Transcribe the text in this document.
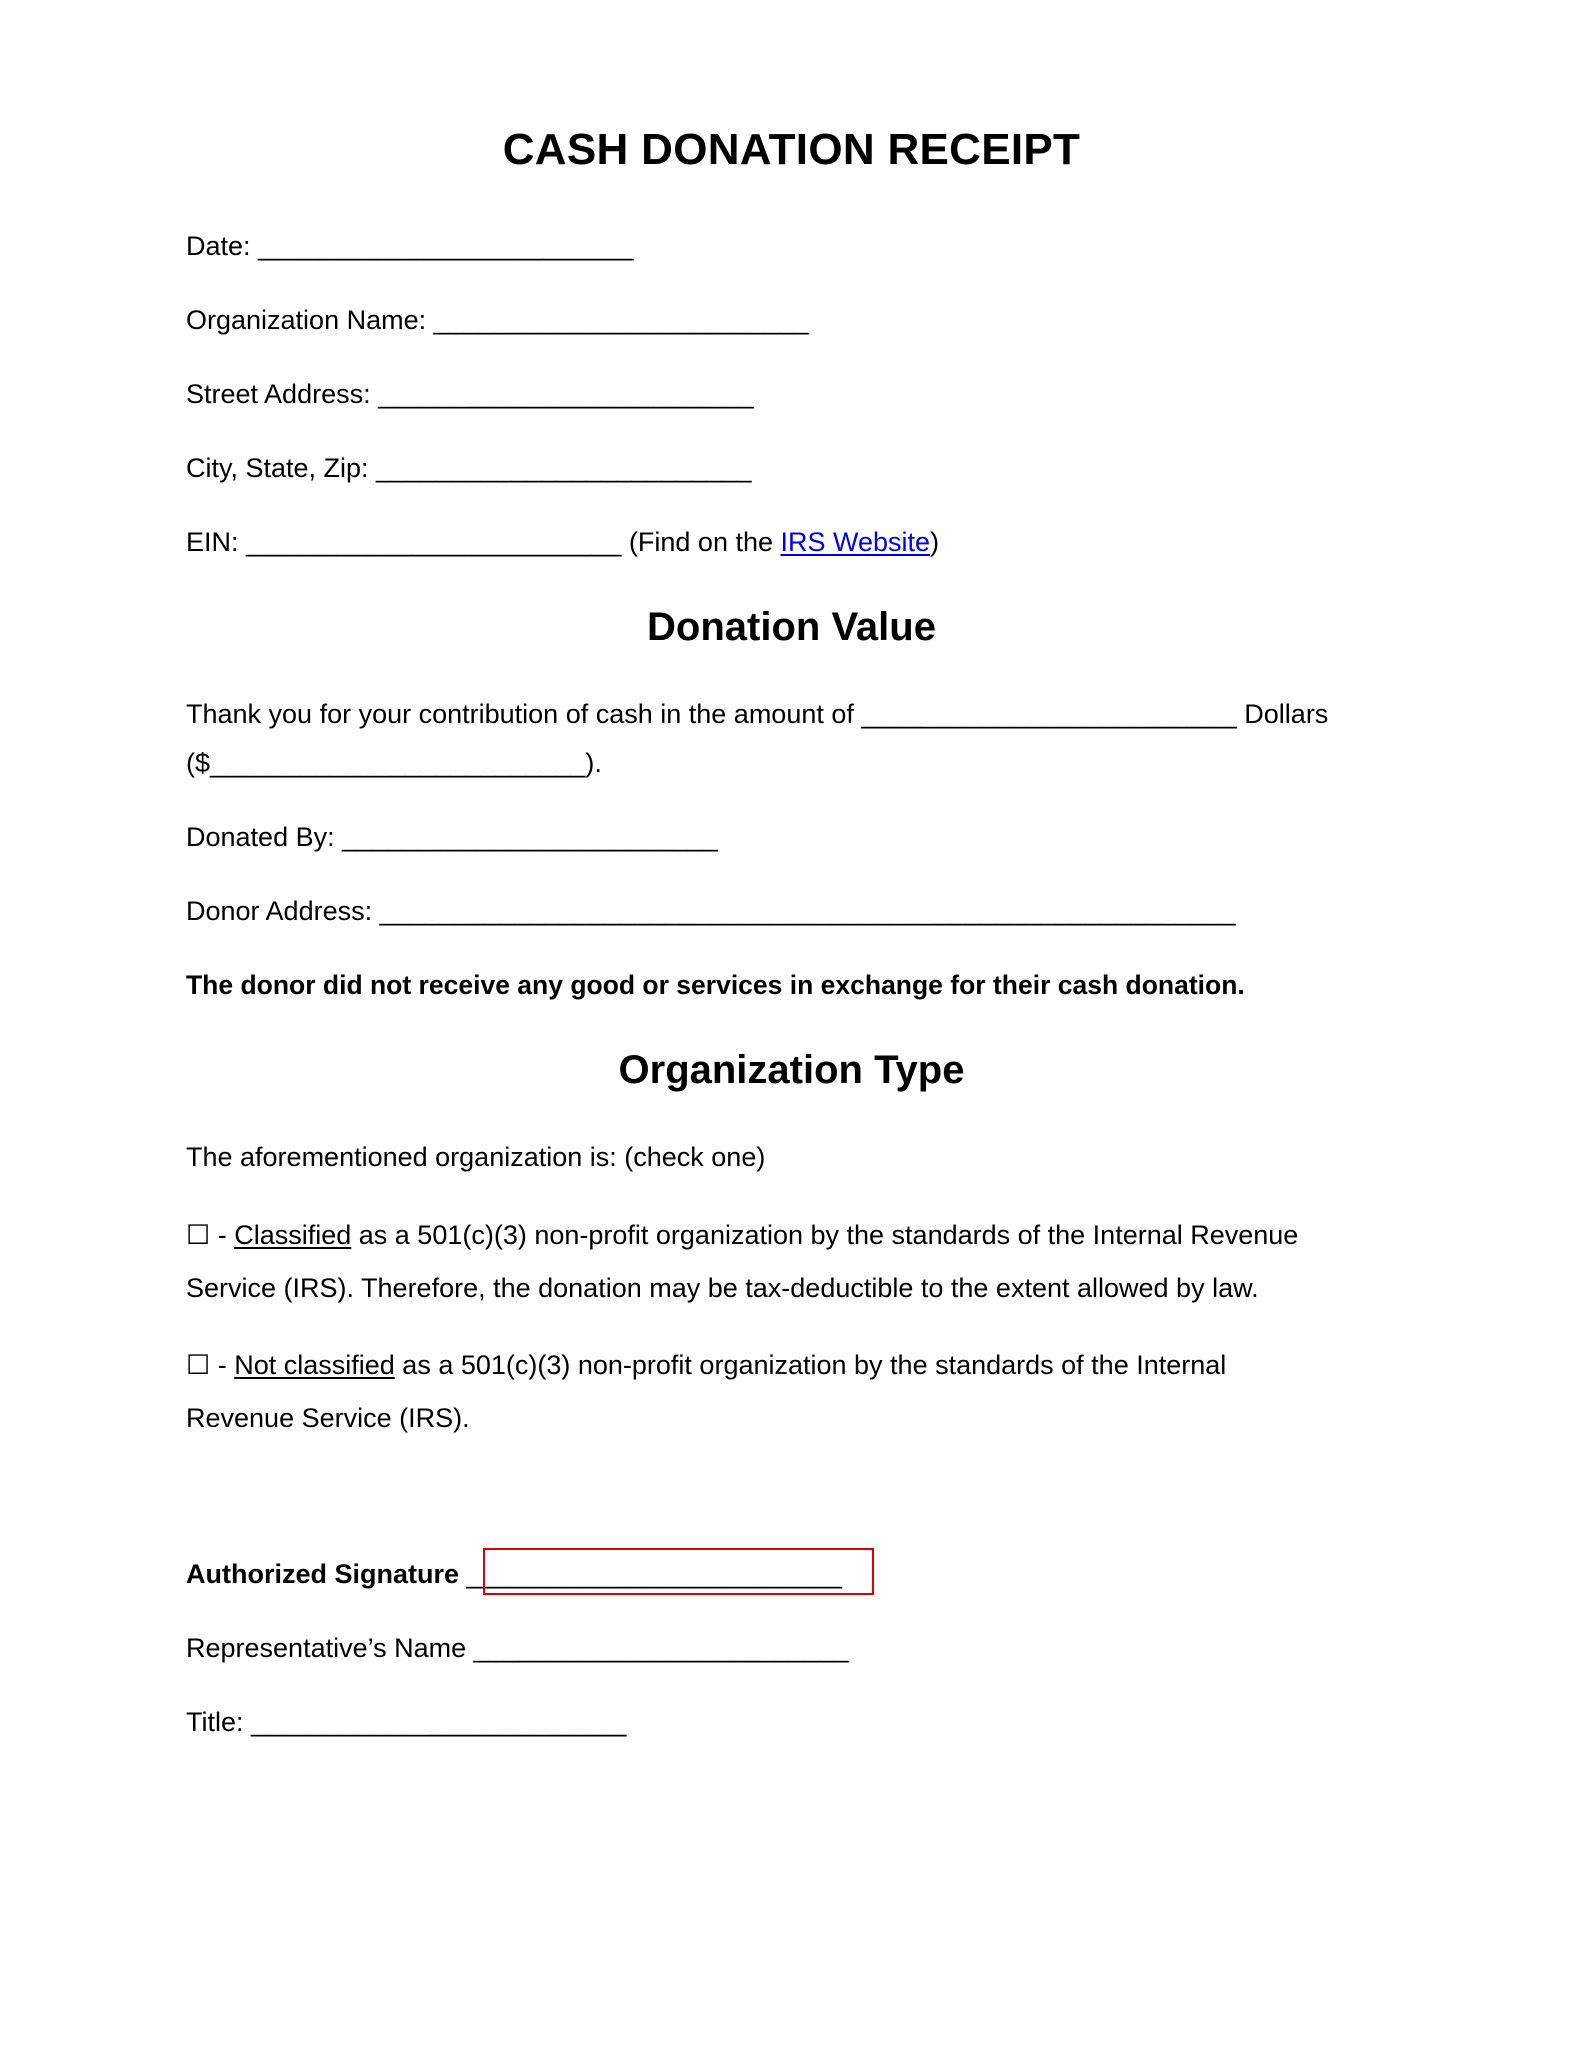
CASH DONATION RECEIPT
Date: _________________________
Organization Name: _________________________
Street Address: _________________________
City, State, Zip: _________________________
EIN: _________________________ (Find on the IRS Website)
Donation Value
Thank you for your contribution of cash in the amount of _________________________ Dollars
($_________________________).
Donated By: _________________________
Donor Address: _________________________________________________________
The donor did not receive any good or services in exchange for their cash donation.
Organization Type
The aforementioned organization is: (check one)
☐ - Classified as a 501(c)(3) non-profit organization by the standards of the Internal Revenue
Service (IRS). Therefore, the donation may be tax-deductible to the extent allowed by law.
☐ - Not classified as a 501(c)(3) non-profit organization by the standards of the Internal
Revenue Service (IRS).
Authorized Signature _________________________
Representative’s Name _________________________
Title: _________________________
